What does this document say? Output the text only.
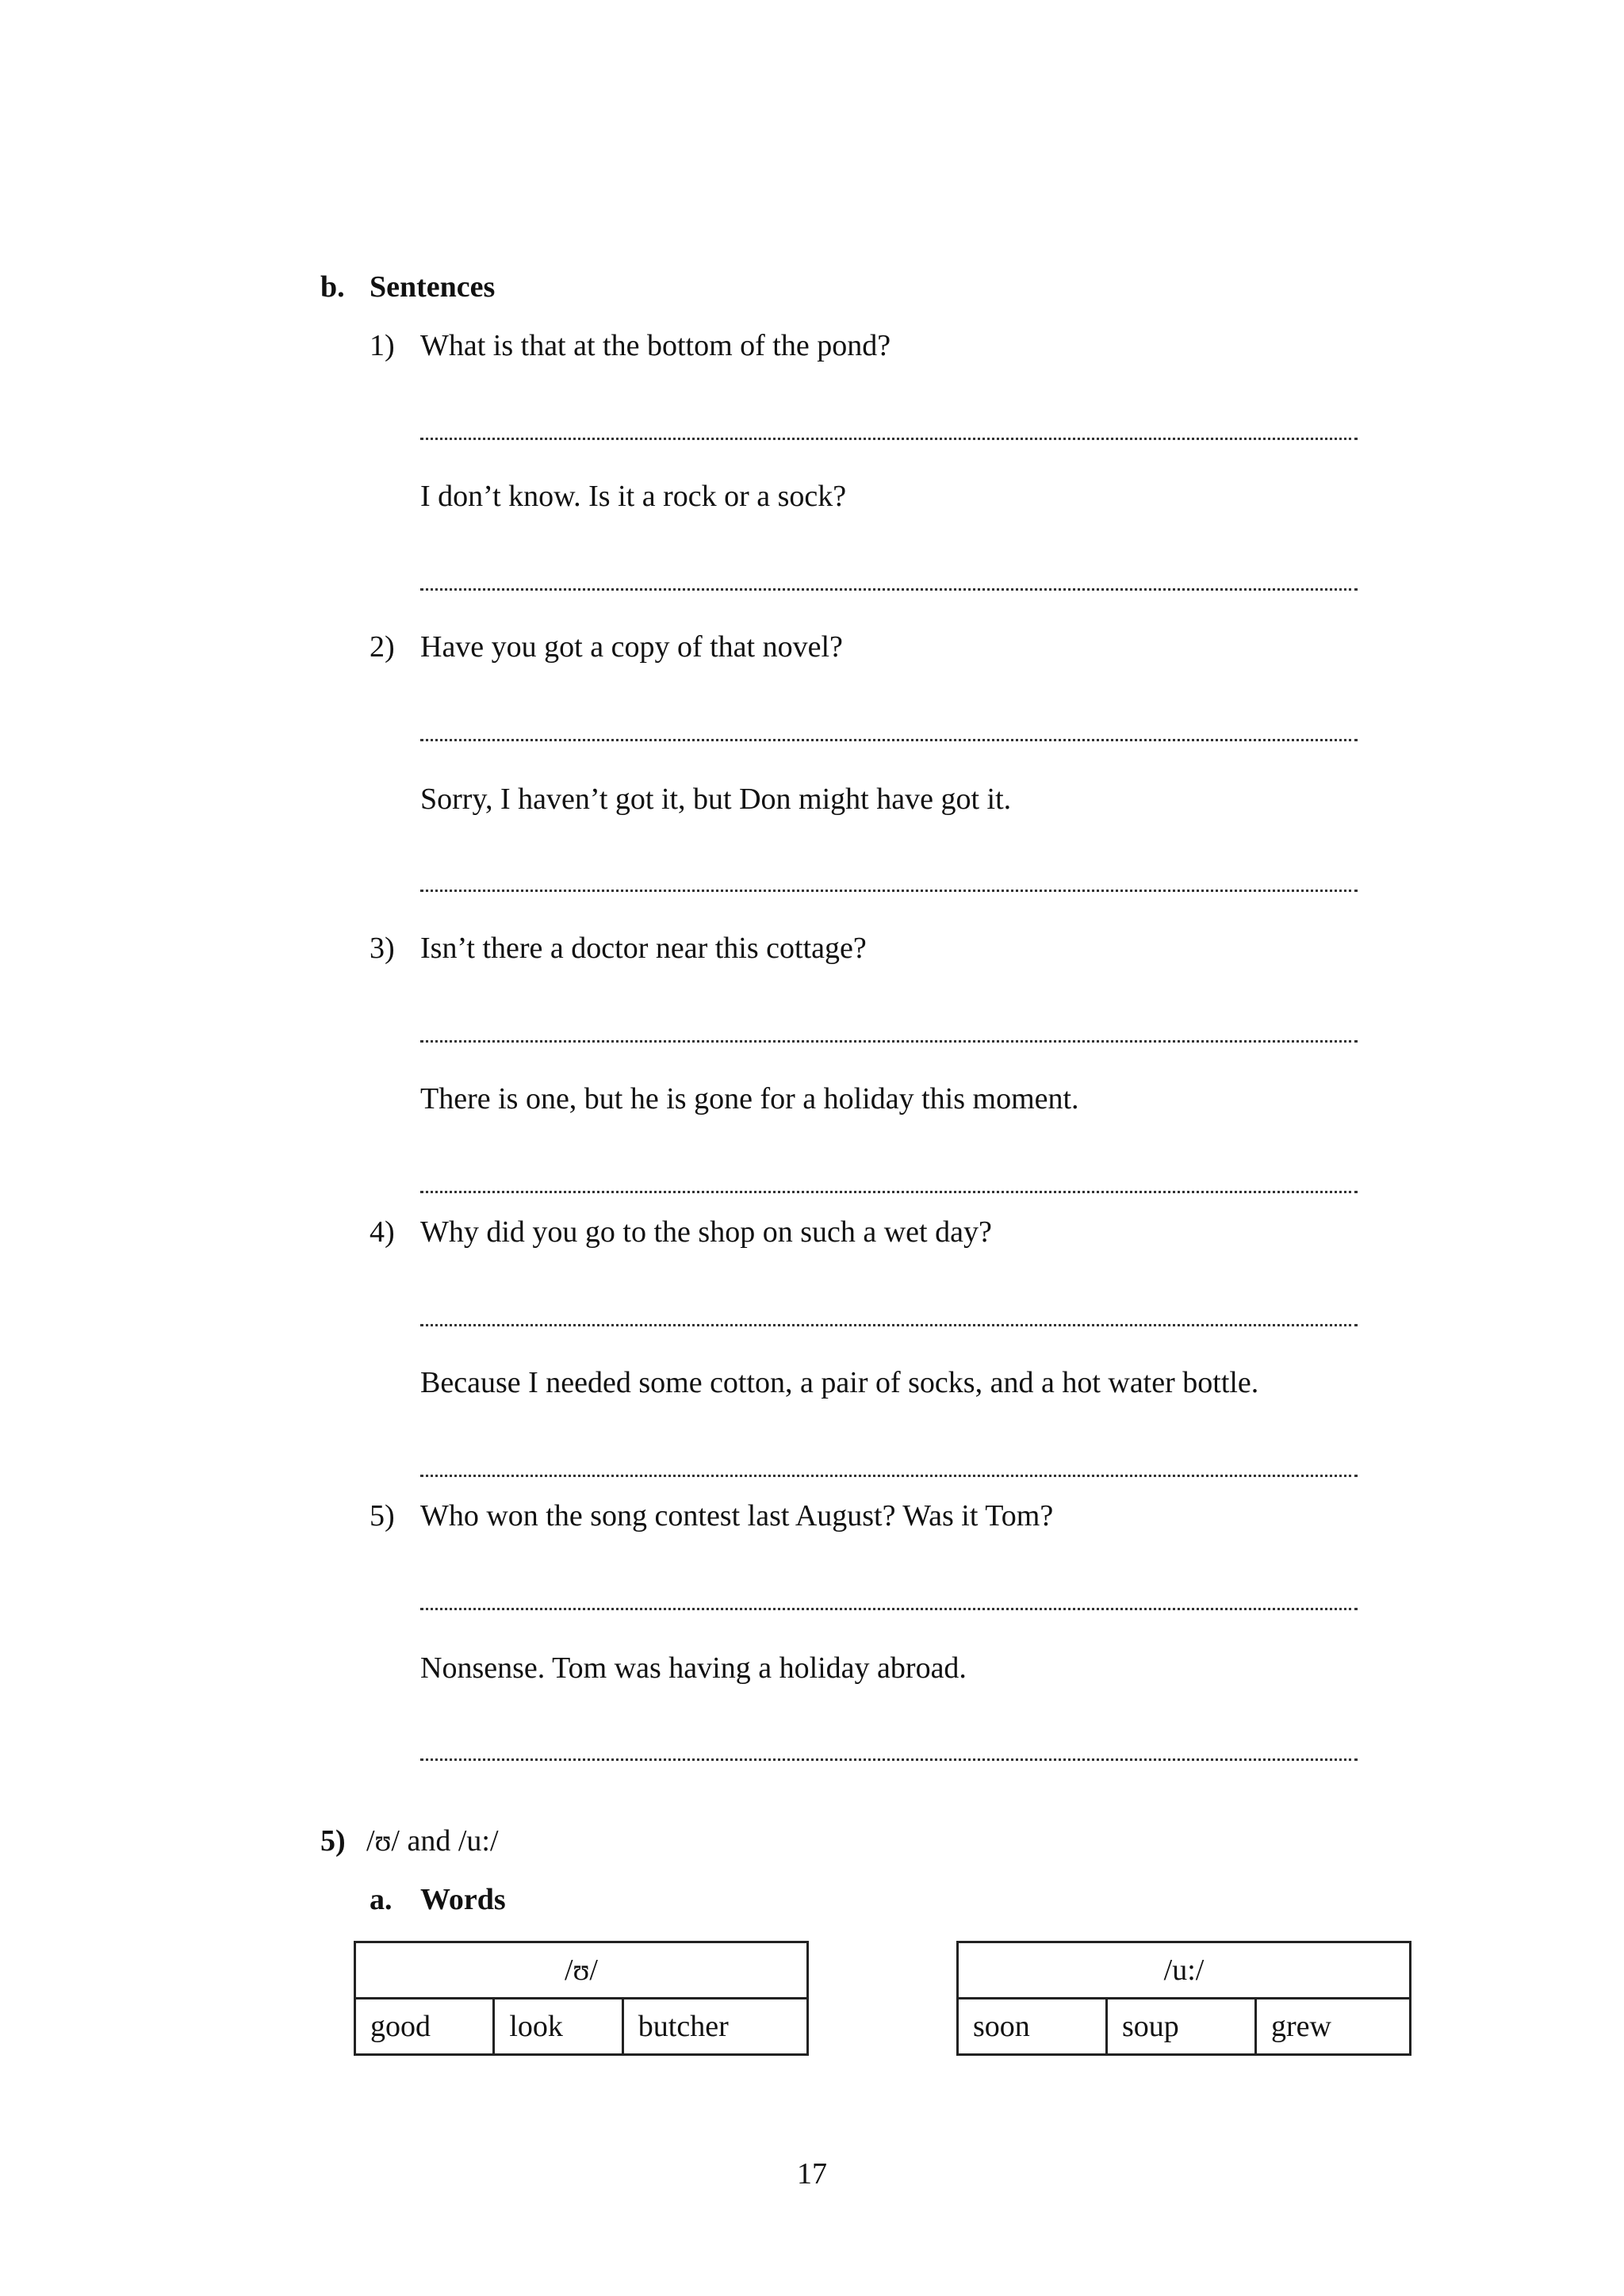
b. Sentences
1) What is that at the bottom of the pond?
I don’t know. Is it a rock or a sock?
2) Have you got a copy of that novel?
Sorry, I haven’t got it, but Don might have got it.
3) Isn’t there a doctor near this cottage?
There is one, but he is gone for a holiday this moment.
4) Why did you go to the shop on such a wet day?
Because I needed some cotton, a pair of socks, and a hot water bottle.
5) Who won the song contest last August? Was it Tom?
Nonsense. Tom was having a holiday abroad.
5) /ʊ/ and /u:/
a. Words
/ʊ/
good	look	butcher
/u:/
soon	soup	grew
17
